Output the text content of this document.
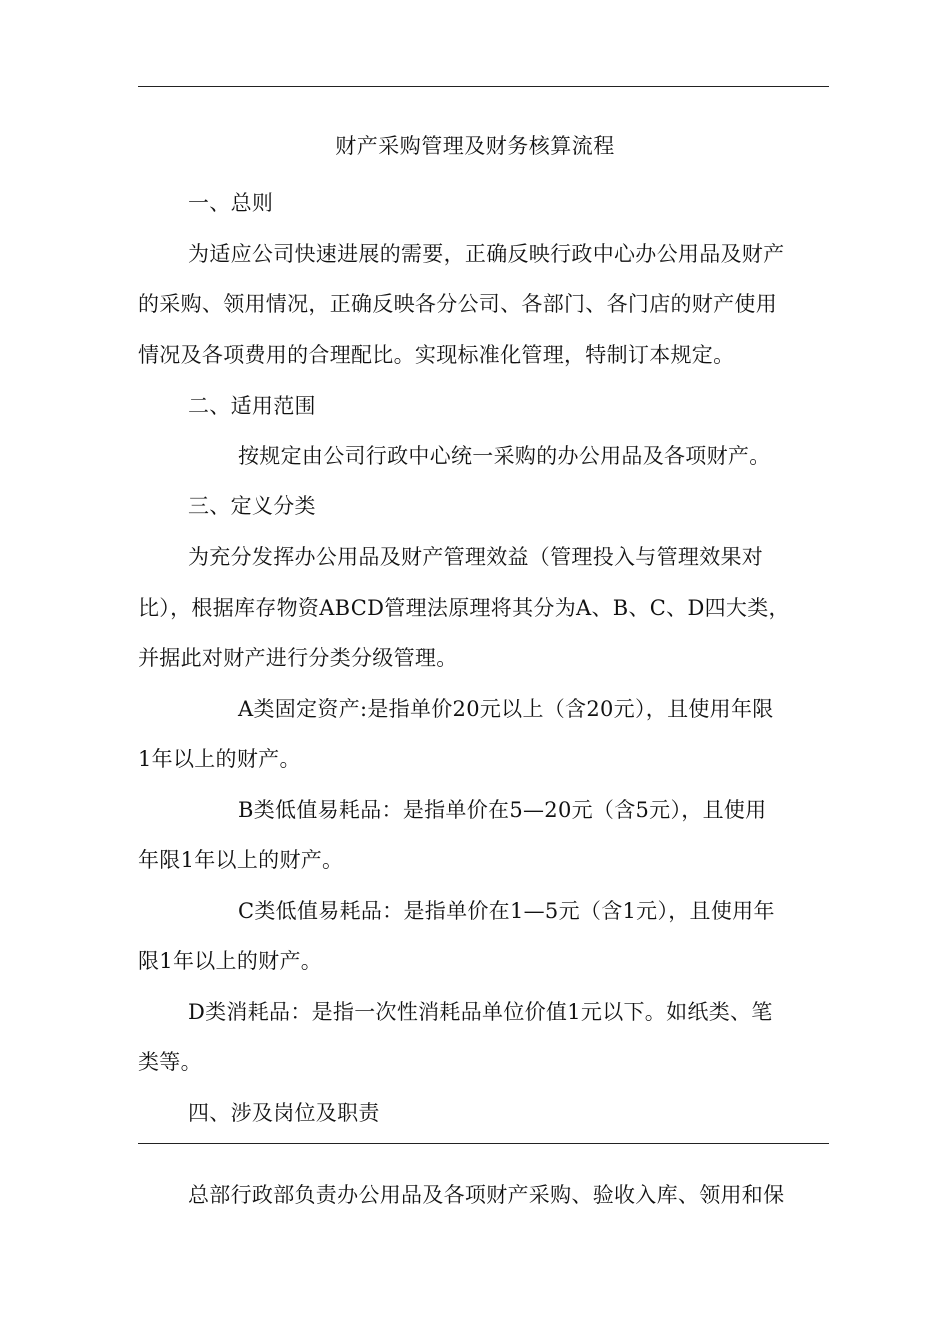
财产采购管理及财务核算流程
一、总则
为适应公司快速进展的需要，正确反映行政中心办公用品及财产
的采购、领用情况，正确反映各分公司、各部门、各门店的财产使用
情况及各项费用的合理配比。实现标准化管理，特制订本规定。
二、适用范围
按规定由公司行政中心统一采购的办公用品及各项财产。
三、定义分类
为充分发挥办公用品及财产管理效益（管理投入与管理效果对
比），根据库存物资ABCD管理法原理将其分为A、B、C、D四大类，
并据此对财产进行分类分级管理。
A类固定资产:是指单价20元以上（含20元），且使用年限
1年以上的财产。
B类低值易耗品：是指单价在5—20元（含5元），且使用
年限1年以上的财产。
C类低值易耗品：是指单价在1—5元（含1元），且使用年
限1年以上的财产。
D类消耗品：是指一次性消耗品单位价值1元以下。如纸类、笔
类等。
四、涉及岗位及职责
总部行政部负责办公用品及各项财产采购、验收入库、领用和保
